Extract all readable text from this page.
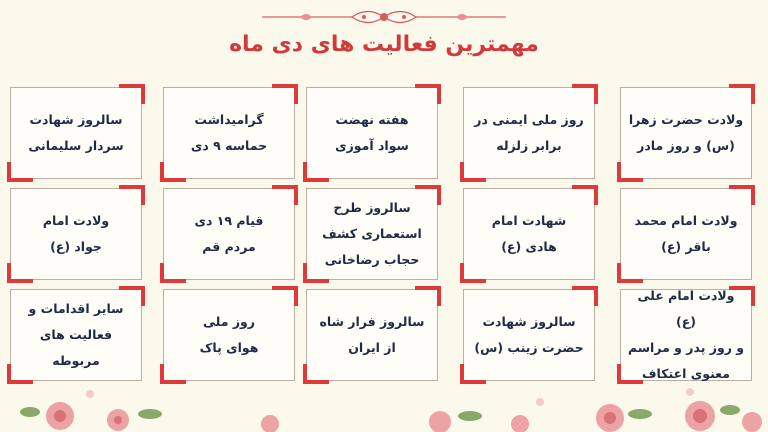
مهمترین فعالیت های دی ماه
ولادت حضرت زهرا
(س) و روز مادر
روز ملی ایمنی در
برابر زلزله
هفته نهضت
سواد آموزی
گرامیداشت
حماسه ۹ دی
سالروز شهادت
سردار سلیمانی
ولادت امام محمد
باقر (ع)
شهادت امام
هادی (ع)
سالروز طرح
استعماری کشف
حجاب رضاخانی
قیام ۱۹ دی
مردم قم
ولادت امام
جواد (ع)
ولادت امام علی (ع)
و روز پدر و مراسم
معنوی اعتکاف
سالروز شهادت
حضرت زینب (س)
سالروز فرار شاه
از ایران
روز ملی
هوای پاک
سایر اقدامات و
فعالیت های مربوطه
